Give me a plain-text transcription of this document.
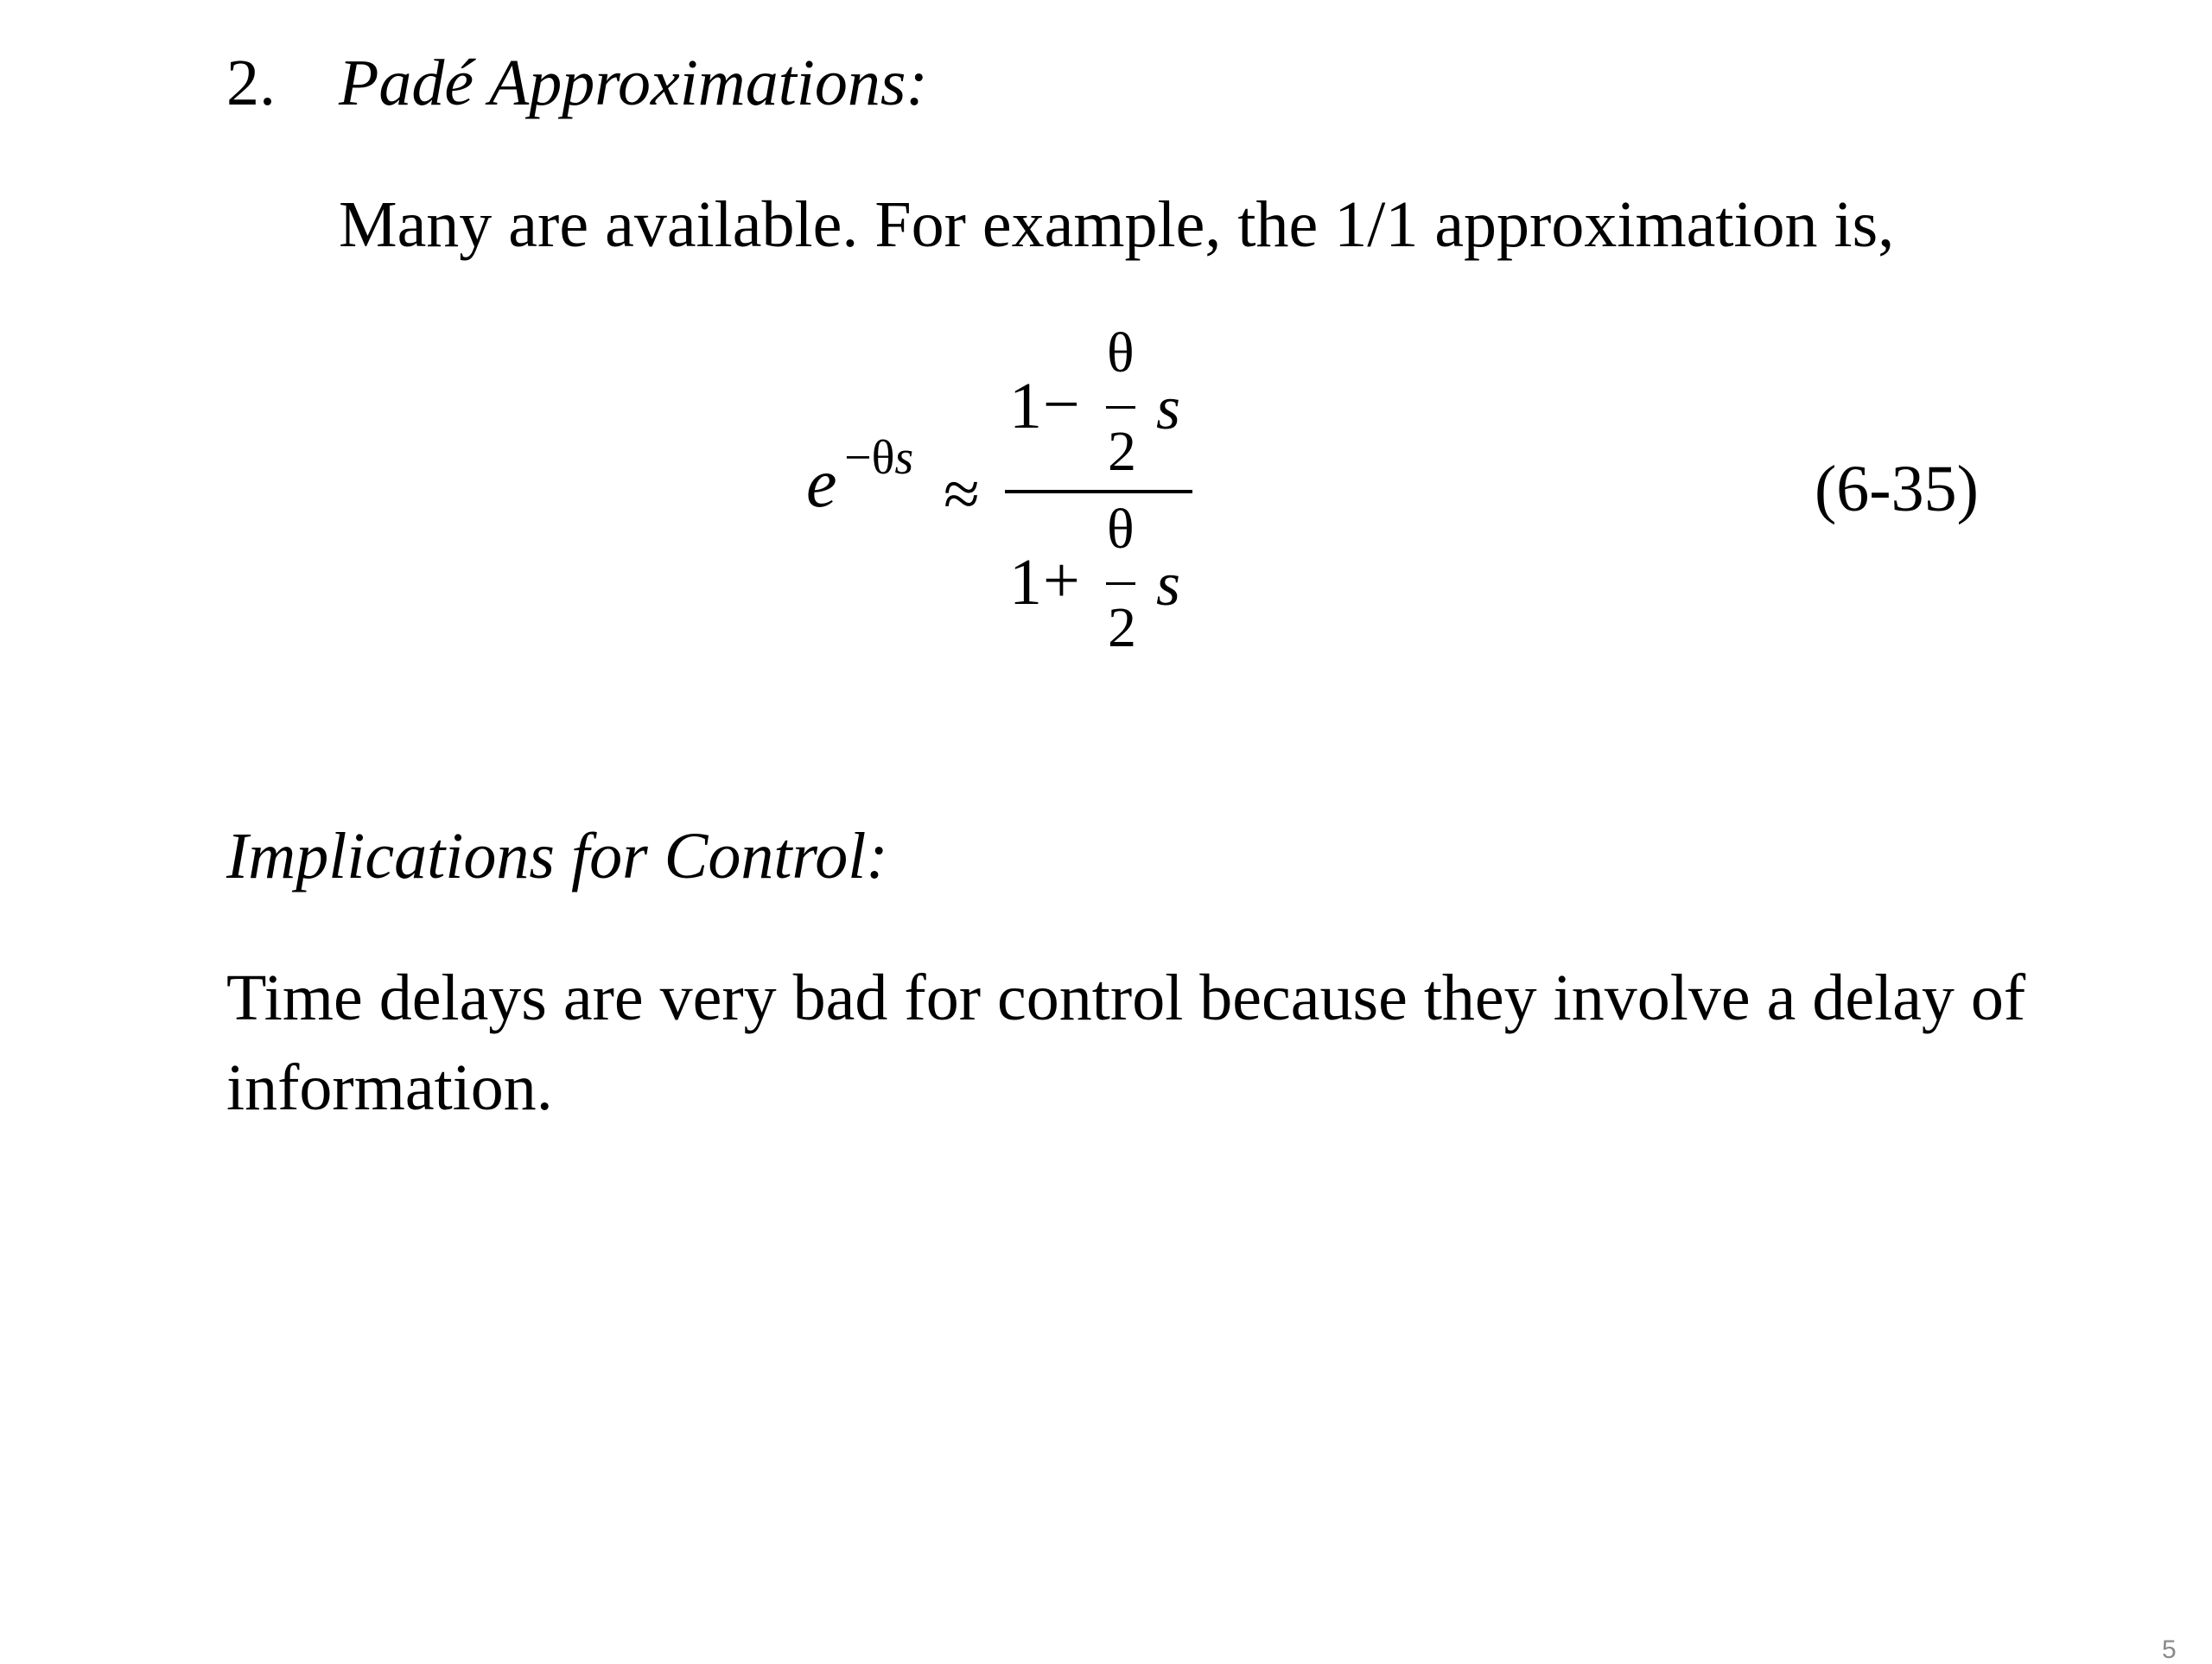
2. Padé Approximations:
Many are available. For example, the 1/1 approximation is,
e −θs ≈
1 −
θ
2
s
1 +
θ
2
s
(6-35)
Implications for Control:
Time delays are very bad for control because they involve a delay of information.
5
